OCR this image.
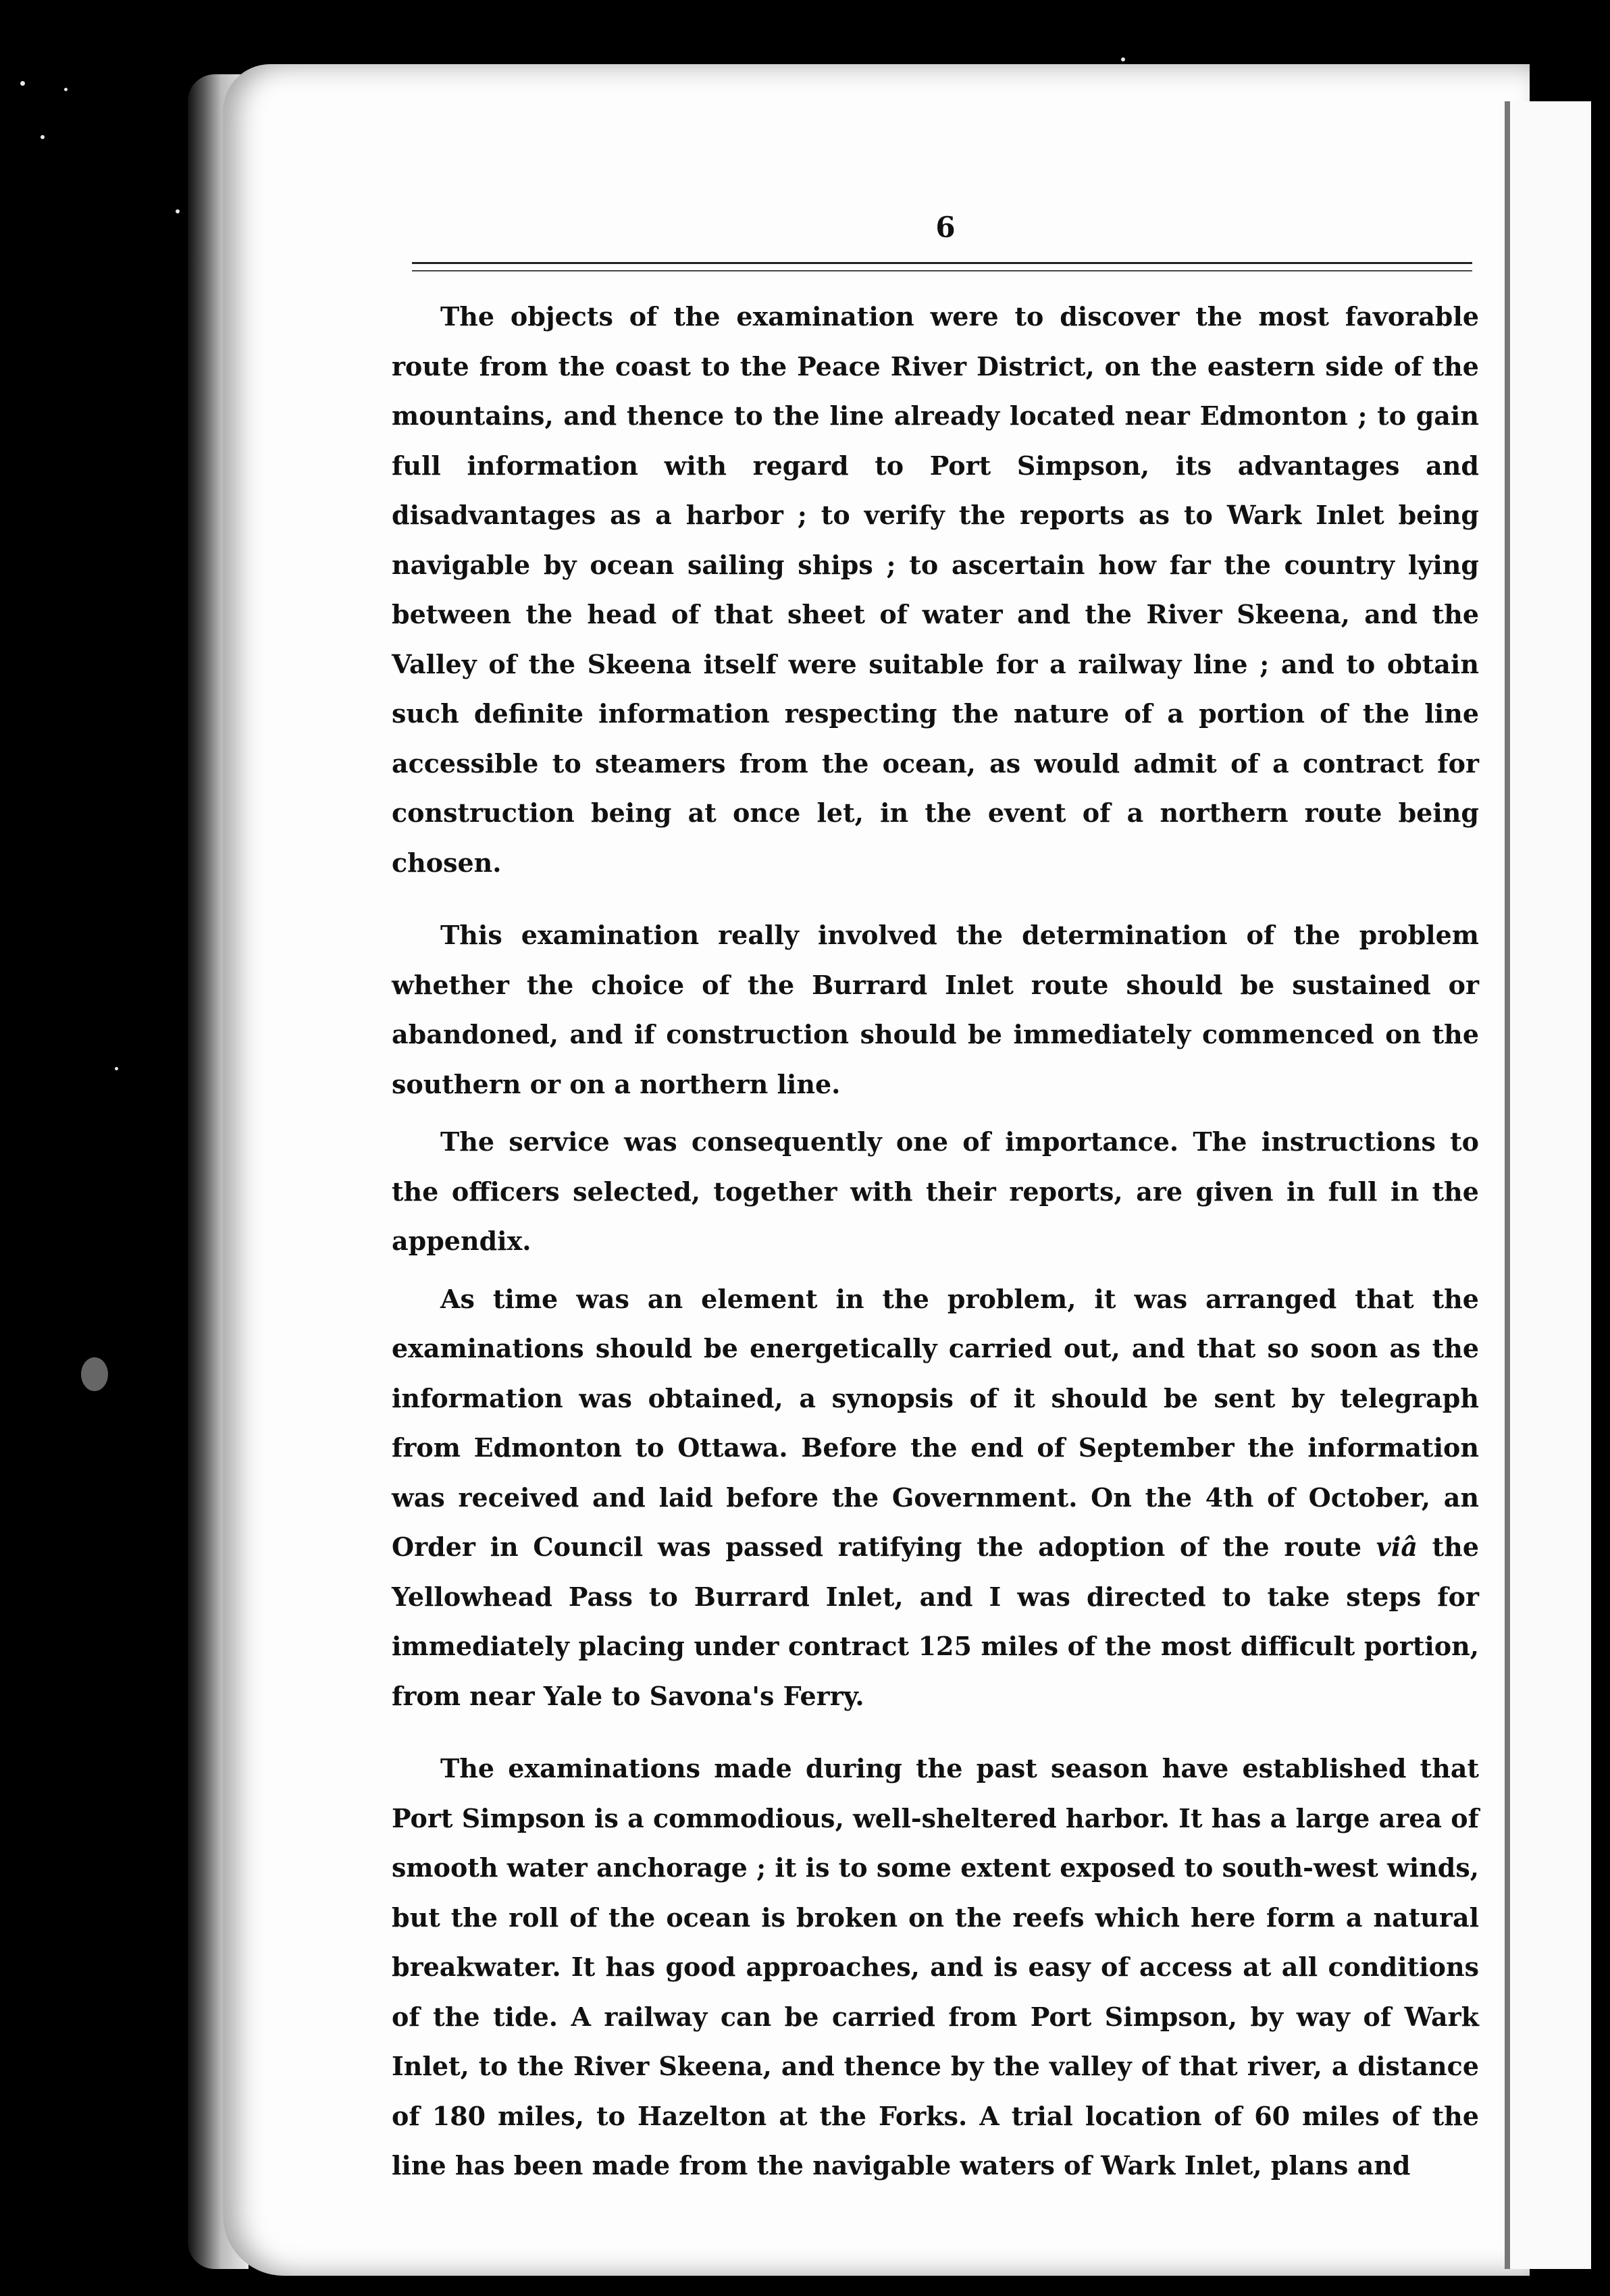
6

The objects of the examination were to discover the most favorable route from the coast to the Peace River District, on the eastern side of the mountains, and thence to the line already located near Edmonton ; to gain full information with regard to Port Simpson, its advantages and disadvantages as a harbor ; to verify the reports as to Wark Inlet being navigable by ocean sailing ships ; to ascertain how far the country lying between the head of that sheet of water and the River Skeena, and the Valley of the Skeena itself were suitable for a railway line ; and to obtain such definite information respecting the nature of a portion of the line accessible to steamers from the ocean, as would admit of a contract for construction being at once let, in the event of a northern route being chosen.

This examination really involved the determination of the problem whether the choice of the Burrard Inlet route should be sustained or abandoned, and if construction should be immediately commenced on the southern or on a northern line.

The service was consequently one of importance. The instructions to the officers selected, together with their reports, are given in full in the appendix.

As time was an element in the problem, it was arranged that the examinations should be energetically carried out, and that so soon as the information was obtained, a synopsis of it should be sent by telegraph from Edmonton to Ottawa. Before the end of September the information was received and laid before the Government. On the 4th of October, an Order in Council was passed ratifying the adoption of the route viâ the Yellowhead Pass to Burrard Inlet, and I was directed to take steps for immediately placing under contract 125 miles of the most difficult portion, from near Yale to Savona's Ferry.

The examinations made during the past season have established that Port Simpson is a commodious, well-sheltered harbor. It has a large area of smooth water anchorage ; it is to some extent exposed to south-west winds, but the roll of the ocean is broken on the reefs which here form a natural breakwater. It has good approaches, and is easy of access at all conditions of the tide. A railway can be carried from Port Simpson, by way of Wark Inlet, to the River Skeena, and thence by the valley of that river, a distance of 180 miles, to Hazelton at the Forks. A trial location of 60 miles of the line has been made from the navigable waters of Wark Inlet, plans and
